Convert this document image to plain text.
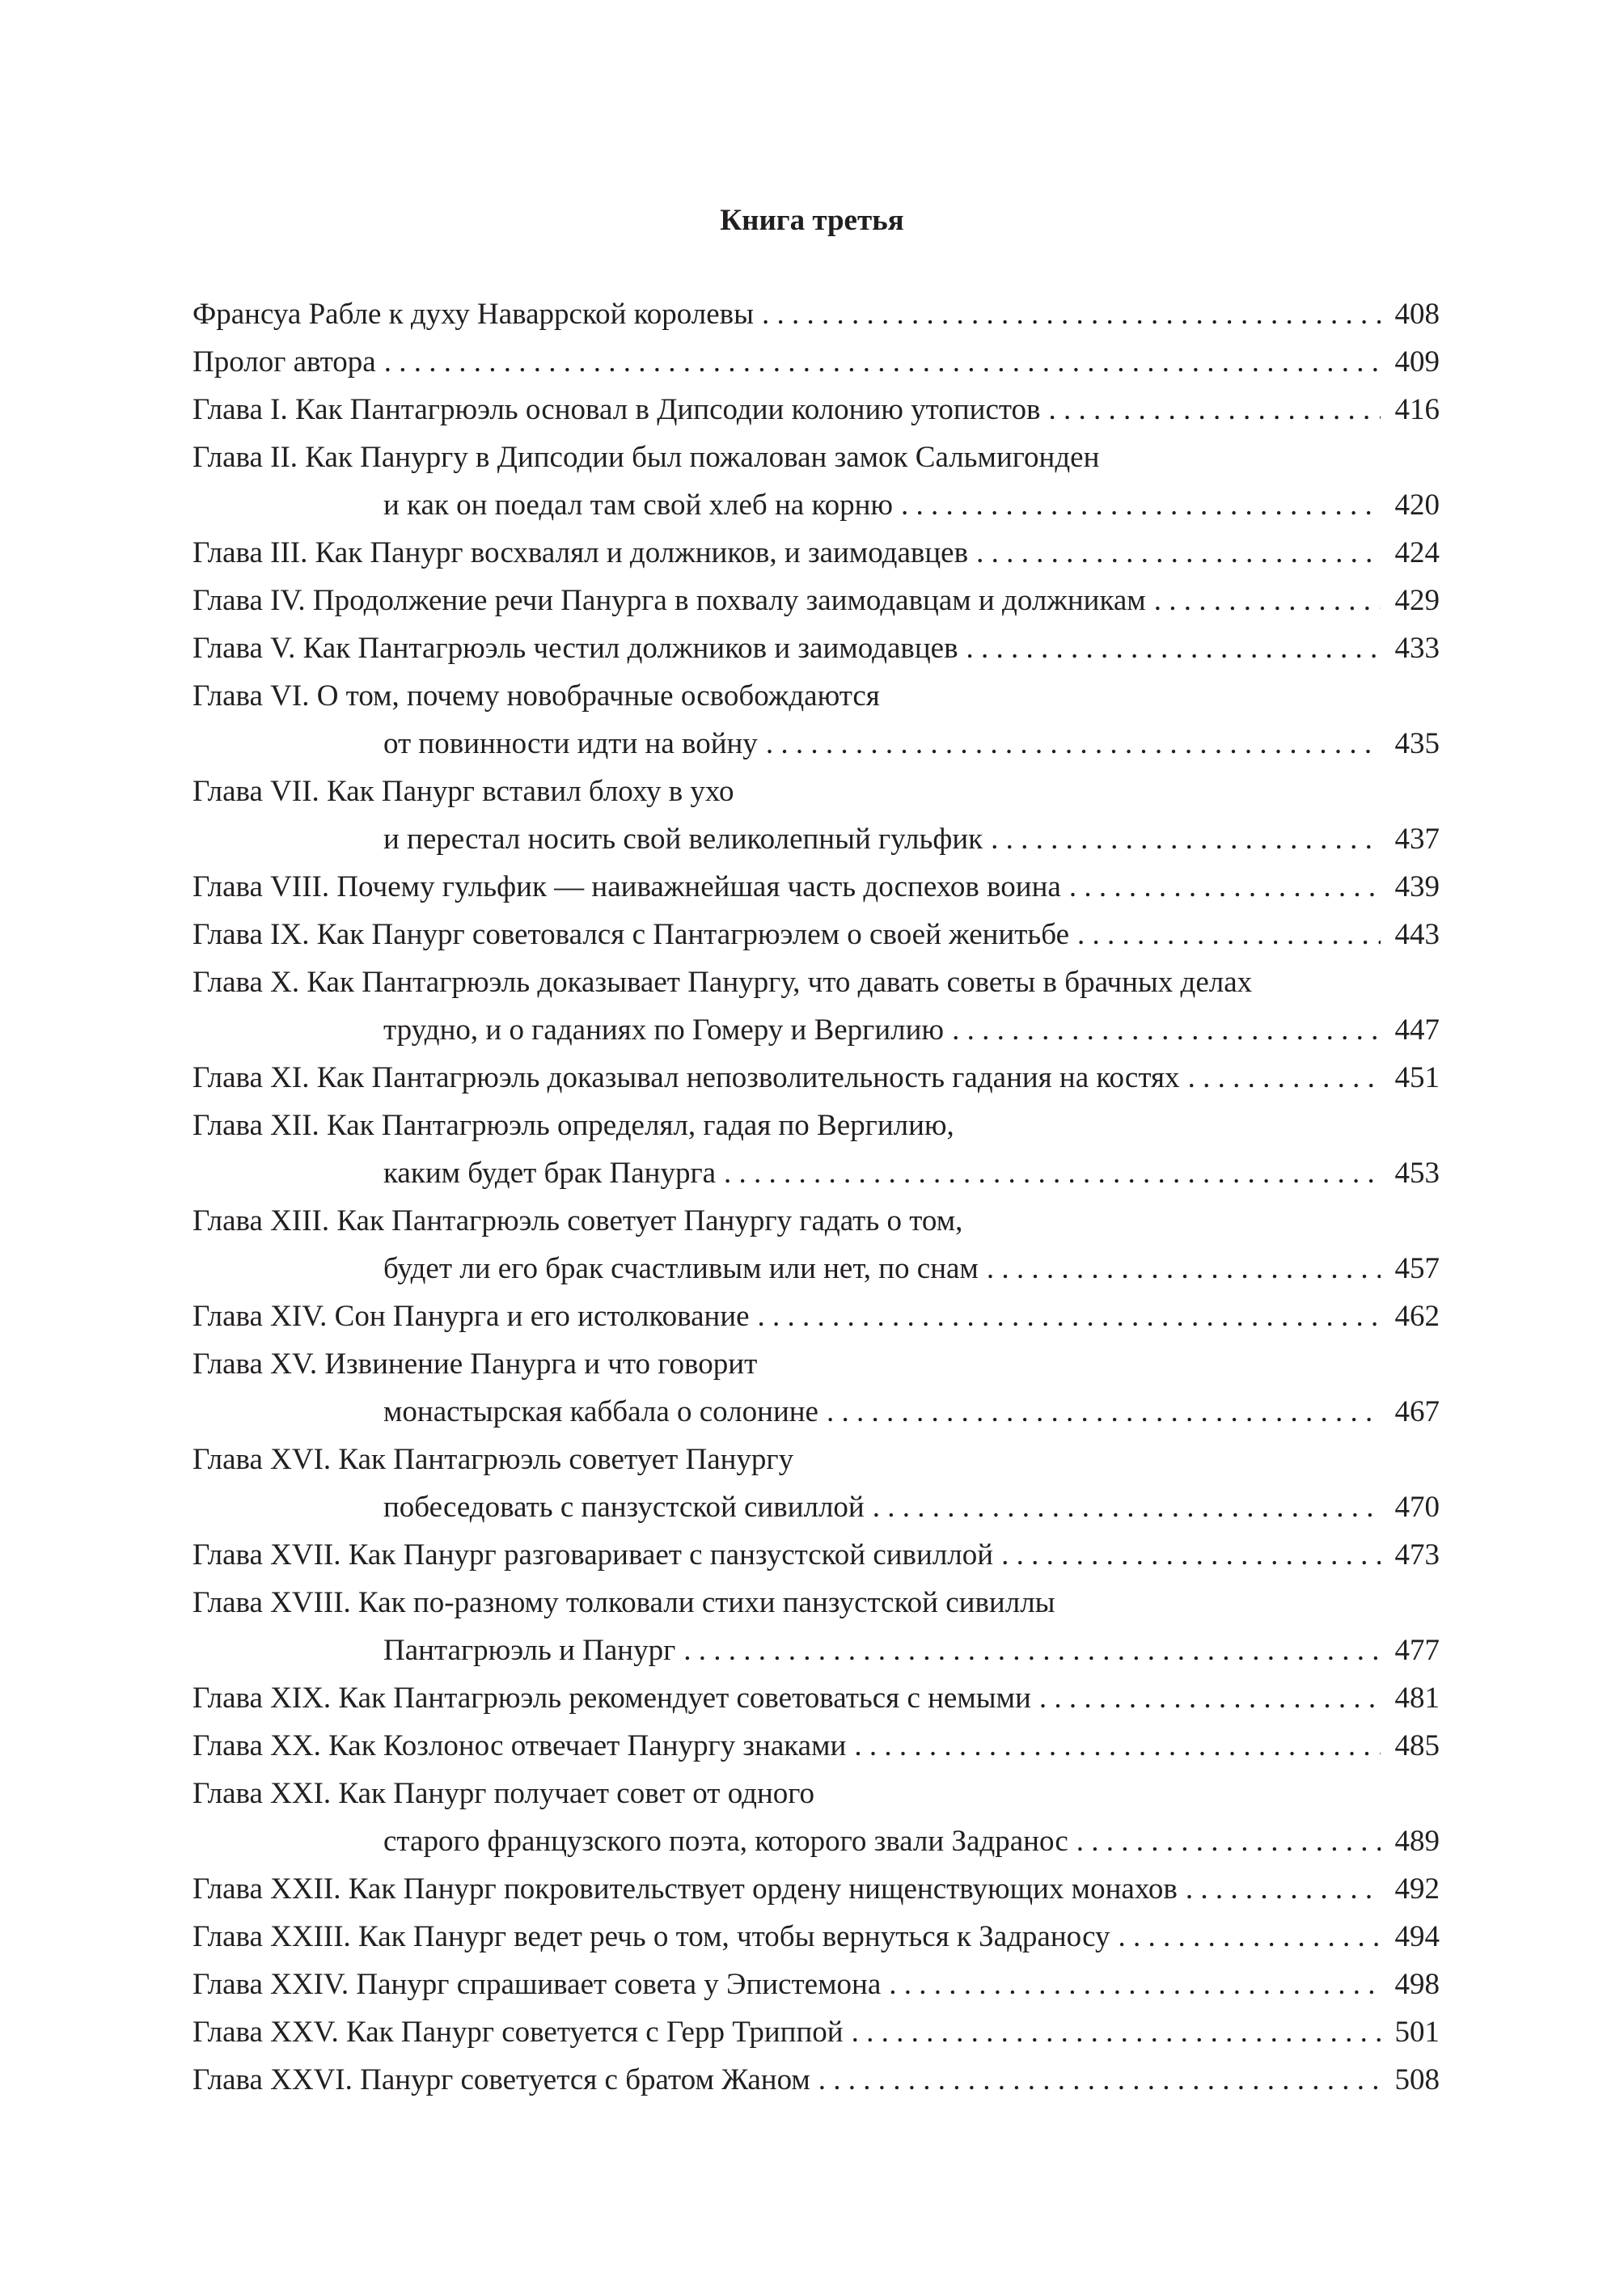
Книга третья
Франсуа Рабле к духу Наваррской королевы . . .	408
Пролог автора . . .	409
Глава I. Как Пантагрюэль основал в Дипсодии колонию утопистов . . .	416
Глава II. Как Панургу в Дипсодии был пожалован замок Сальмигонден
и как он поедал там свой хлеб на корню . . .	420
Глава III. Как Панург восхвалял и должников, и заимодавцев . . .	424
Глава IV. Продолжение речи Панурга в похвалу заимодавцам и должникам . . .	429
Глава V. Как Пантагрюэль честил должников и заимодавцев . . .	433
Глава VI. О том, почему новобрачные освобождаются
от повинности идти на войну . . .	435
Глава VII. Как Панург вставил блоху в ухо
и перестал носить свой великолепный гульфик . . .	437
Глава VIII. Почему гульфик — наиважнейшая часть доспехов воина . . .	439
Глава IX. Как Панург советовался с Пантагрюэлем о своей женитьбе . . .	443
Глава X. Как Пантагрюэль доказывает Панургу, что давать советы в брачных делах
трудно, и о гаданиях по Гомеру и Вергилию . . .	447
Глава XI. Как Пантагрюэль доказывал непозволительность гадания на костях . . .	451
Глава XII. Как Пантагрюэль определял, гадая по Вергилию,
каким будет брак Панурга . . .	453
Глава XIII. Как Пантагрюэль советует Панургу гадать о том,
будет ли его брак счастливым или нет, по снам . . .	457
Глава XIV. Сон Панурга и его истолкование . . .	462
Глава XV. Извинение Панурга и что говорит
монастырская каббала о солонине . . .	467
Глава XVI. Как Пантагрюэль советует Панургу
побеседовать с панзустской сивиллой . . .	470
Глава XVII. Как Панург разговаривает с панзустской сивиллой . . .	473
Глава XVIII. Как по-разному толковали стихи панзустской сивиллы
Пантагрюэль и Панург . . .	477
Глава XIX. Как Пантагрюэль рекомендует советоваться с немыми . . .	481
Глава XX. Как Козлонос отвечает Панургу знаками . . .	485
Глава XXI. Как Панург получает совет от одного
старого французского поэта, которого звали Задранос . . .	489
Глава XXII. Как Панург покровительствует ордену нищенствующих монахов . . .	492
Глава XXIII. Как Панург ведет речь о том, чтобы вернуться к Задраносу . . .	494
Глава XXIV. Панург спрашивает совета у Эпистемона . . .	498
Глава XXV. Как Панург советуется с Герр Триппой . . .	501
Глава XXVI. Панург советуется с братом Жаном . . .	508
